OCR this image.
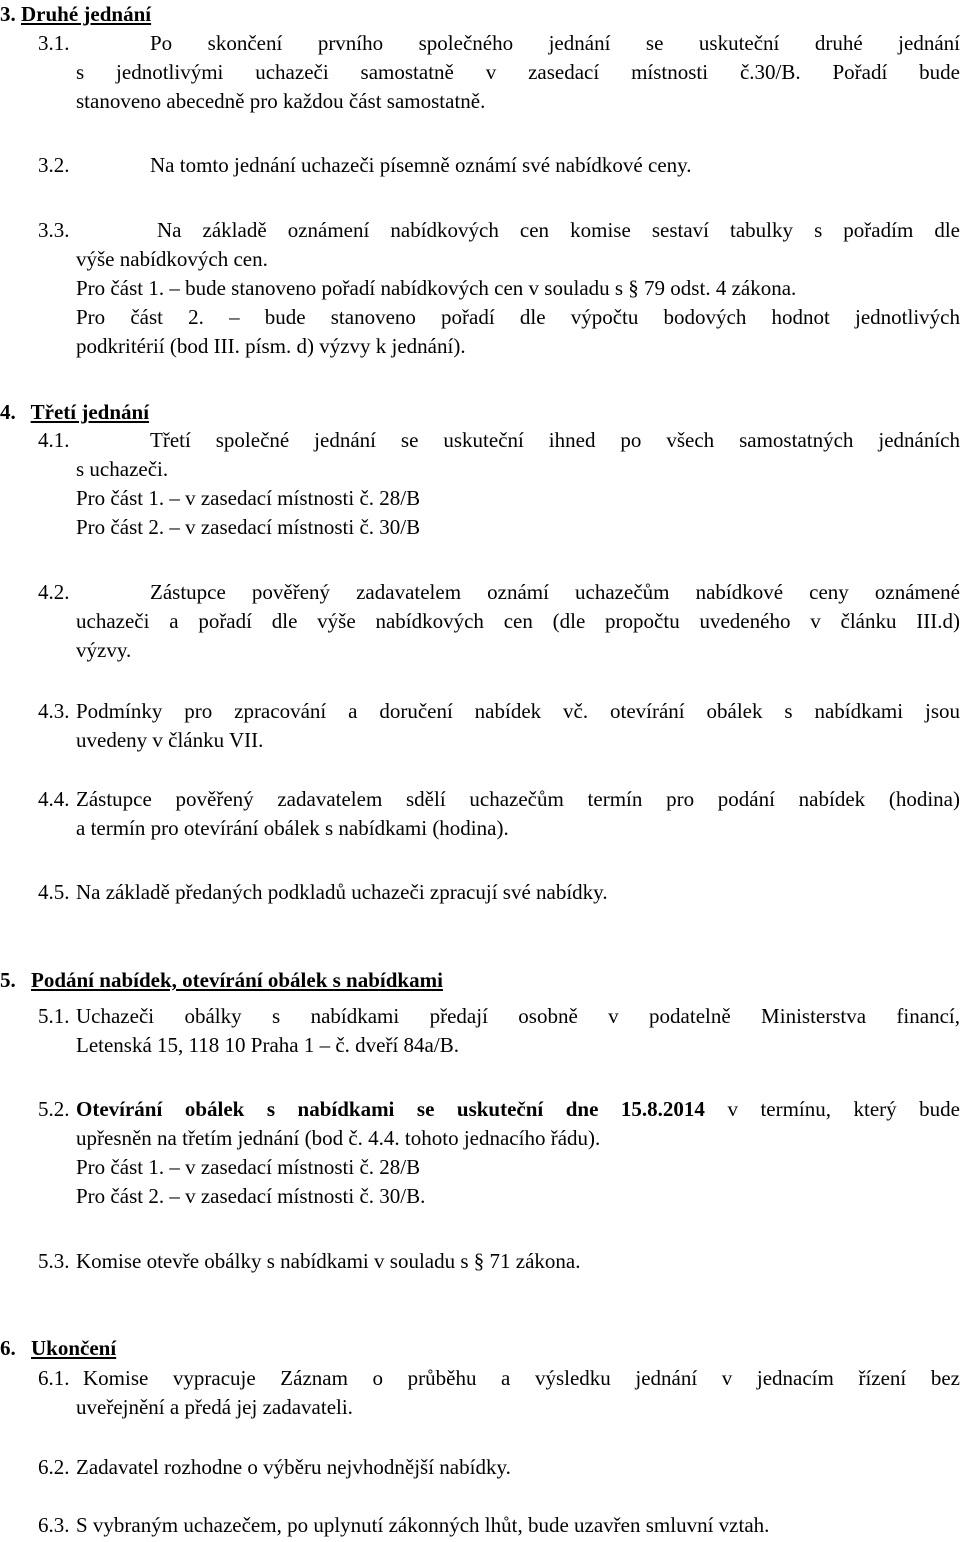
3. Druhé jednání
3.1.	Po skončení prvního společného jednání se uskuteční druhé jednání
s jednotlivými uchazeči samostatně v zasedací místnosti č.30/B. Pořadí bude
stanoveno abecedně pro každou část samostatně.
3.2.	Na tomto jednání uchazeči písemně oznámí své nabídkové ceny.
3.3.	Na základě oznámení nabídkových cen komise sestaví tabulky s pořadím dle
výše nabídkových cen.
Pro část 1. – bude stanoveno pořadí nabídkových cen v souladu s § 79 odst. 4 zákona.
Pro část 2. – bude stanoveno pořadí dle výpočtu bodových hodnot jednotlivých
podkritérií (bod III. písm. d) výzvy k jednání).
4. Třetí jednání
4.1.	Třetí společné jednání se uskuteční ihned po všech samostatných jednáních
s uchazeči.
Pro část 1. – v zasedací místnosti č. 28/B
Pro část 2. – v zasedací místnosti č. 30/B
4.2.	Zástupce pověřený zadavatelem oznámí uchazečům nabídkové ceny oznámené
uchazeči a pořadí dle výše nabídkových cen (dle propočtu uvedeného v článku III.d)
výzvy.
4.3. Podmínky pro zpracování a doručení nabídek vč. otevírání obálek s nabídkami jsou
uvedeny v článku VII.
4.4. Zástupce pověřený zadavatelem sdělí uchazečům termín pro podání nabídek (hodina)
a termín pro otevírání obálek s nabídkami (hodina).
4.5. Na základě předaných podkladů uchazeči zpracují své nabídky.
5. Podání nabídek, otevírání obálek s nabídkami
5.1. Uchazeči obálky s nabídkami předají osobně v podatelně Ministerstva financí,
Letenská 15, 118 10 Praha 1 – č. dveří 84a/B.
5.2. Otevírání obálek s nabídkami se uskuteční dne 15.8.2014 v termínu, který bude
upřesněn na třetím jednání (bod č. 4.4. tohoto jednacího řádu).
Pro část 1. – v zasedací místnosti č. 28/B
Pro část 2. – v zasedací místnosti č. 30/B.
5.3. Komise otevře obálky s nabídkami v souladu s § 71 zákona.
6. Ukončení
6.1. Komise vypracuje Záznam o průběhu a výsledku jednání v jednacím řízení bez
uveřejnění a předá jej zadavateli.
6.2. Zadavatel rozhodne o výběru nejvhodnější nabídky.
6.3. S vybraným uchazečem, po uplynutí zákonných lhůt, bude uzavřen smluvní vztah.
